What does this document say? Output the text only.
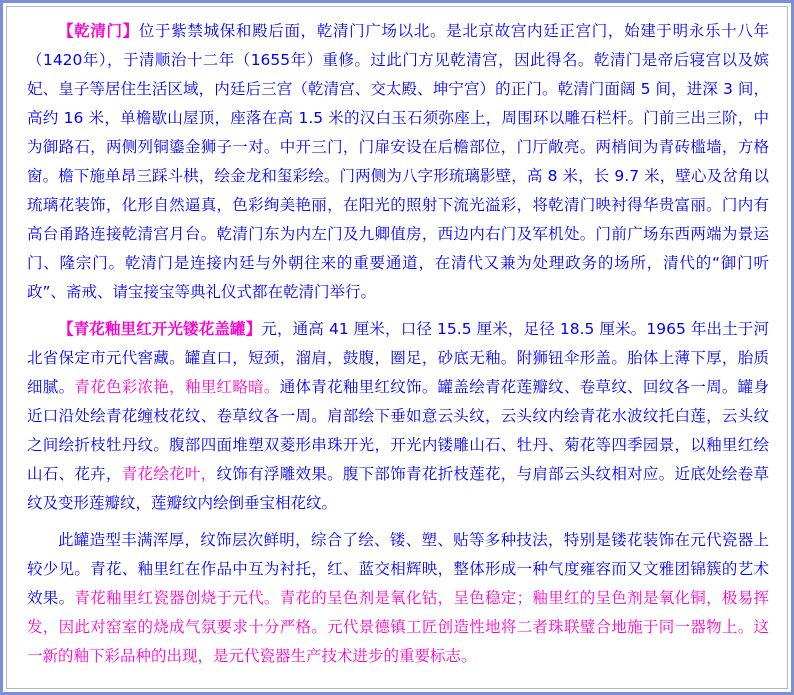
【乾清门】位于紫禁城保和殿后面，乾清门广场以北。是北京故宫内廷正宫门，始建于明永乐十八年（1420年），于清顺治十二年（1655年）重修。过此门方见乾清宫，因此得名。乾清门是帝后寝宫以及嫔妃、皇子等居住生活区域，内廷后三宫（乾清宫、交太殿、坤宁宫）的正门。乾清门面阔 5 间，进深 3 间，高约 16 米，单檐歇山屋顶，座落在高 1.5 米的汉白玉石须弥座上，周围环以雕石栏杆。门前三出三阶，中为御路石，两侧列铜鎏金狮子一对。中开三门，门扉安设在后檐部位，门厅敞亮。两梢间为青砖槛墙，方格窗。檐下施单昂三踩斗栱，绘金龙和玺彩绘。门两侧为八字形琉璃影壁，高 8 米，长 9.7 米，壁心及岔角以琉璃花装饰，化形自然逼真，色彩绚美艳丽，在阳光的照射下流光溢彩，将乾清门映衬得华贵富丽。门内有高台甬路连接乾清宫月台。乾清门东为内左门及九卿值房，西边内右门及军机处。门前广场东西两端为景运门、隆宗门。乾清门是连接内廷与外朝往来的重要通道，在清代又兼为处理政务的场所，清代的“御门听政”、斋戒、请宝接宝等典礼仪式都在乾清门举行。

【青花釉里红开光镂花盖罐】元，通高 41 厘米，口径 15.5 厘米，足径 18.5 厘米。1965 年出土于河北省保定市元代窖藏。罐直口，短颈，溜肩，鼓腹，圈足，砂底无釉。附狮钮伞形盖。胎体上薄下厚，胎质细腻。青花色彩浓艳，釉里红略暗。通体青花釉里红纹饰。罐盖绘青花莲瓣纹、卷草纹、回纹各一周。罐身近口沿处绘青花缠枝花纹、卷草纹各一周。肩部绘下垂如意云头纹，云头纹内绘青花水波纹托白莲，云头纹之间绘折枝牡丹纹。腹部四面堆塑双菱形串珠开光，开光内镂雕山石、牡丹、菊花等四季园景，以釉里红绘山石、花卉，青花绘花叶，纹饰有浮雕效果。腹下部饰青花折枝莲花，与肩部云头纹相对应。近底处绘卷草纹及变形莲瓣纹，莲瓣纹内绘倒垂宝相花纹。

此罐造型丰满浑厚，纹饰层次鲜明，综合了绘、镂、塑、贴等多种技法，特别是镂花装饰在元代瓷器上较少见。青花、釉里红在作品中互为衬托，红、蓝交相辉映，整体形成一种气度雍容而又文雅团锦簇的艺术效果。青花釉里红瓷器创烧于元代。青花的呈色剂是氧化钴，呈色稳定；釉里红的呈色剂是氧化铜，极易挥发，因此对窑室的烧成气氛要求十分严格。元代景德镇工匠创造性地将二者珠联璧合地施于同一器物上。这一新的釉下彩品种的出现，是元代瓷器生产技术进步的重要标志。
